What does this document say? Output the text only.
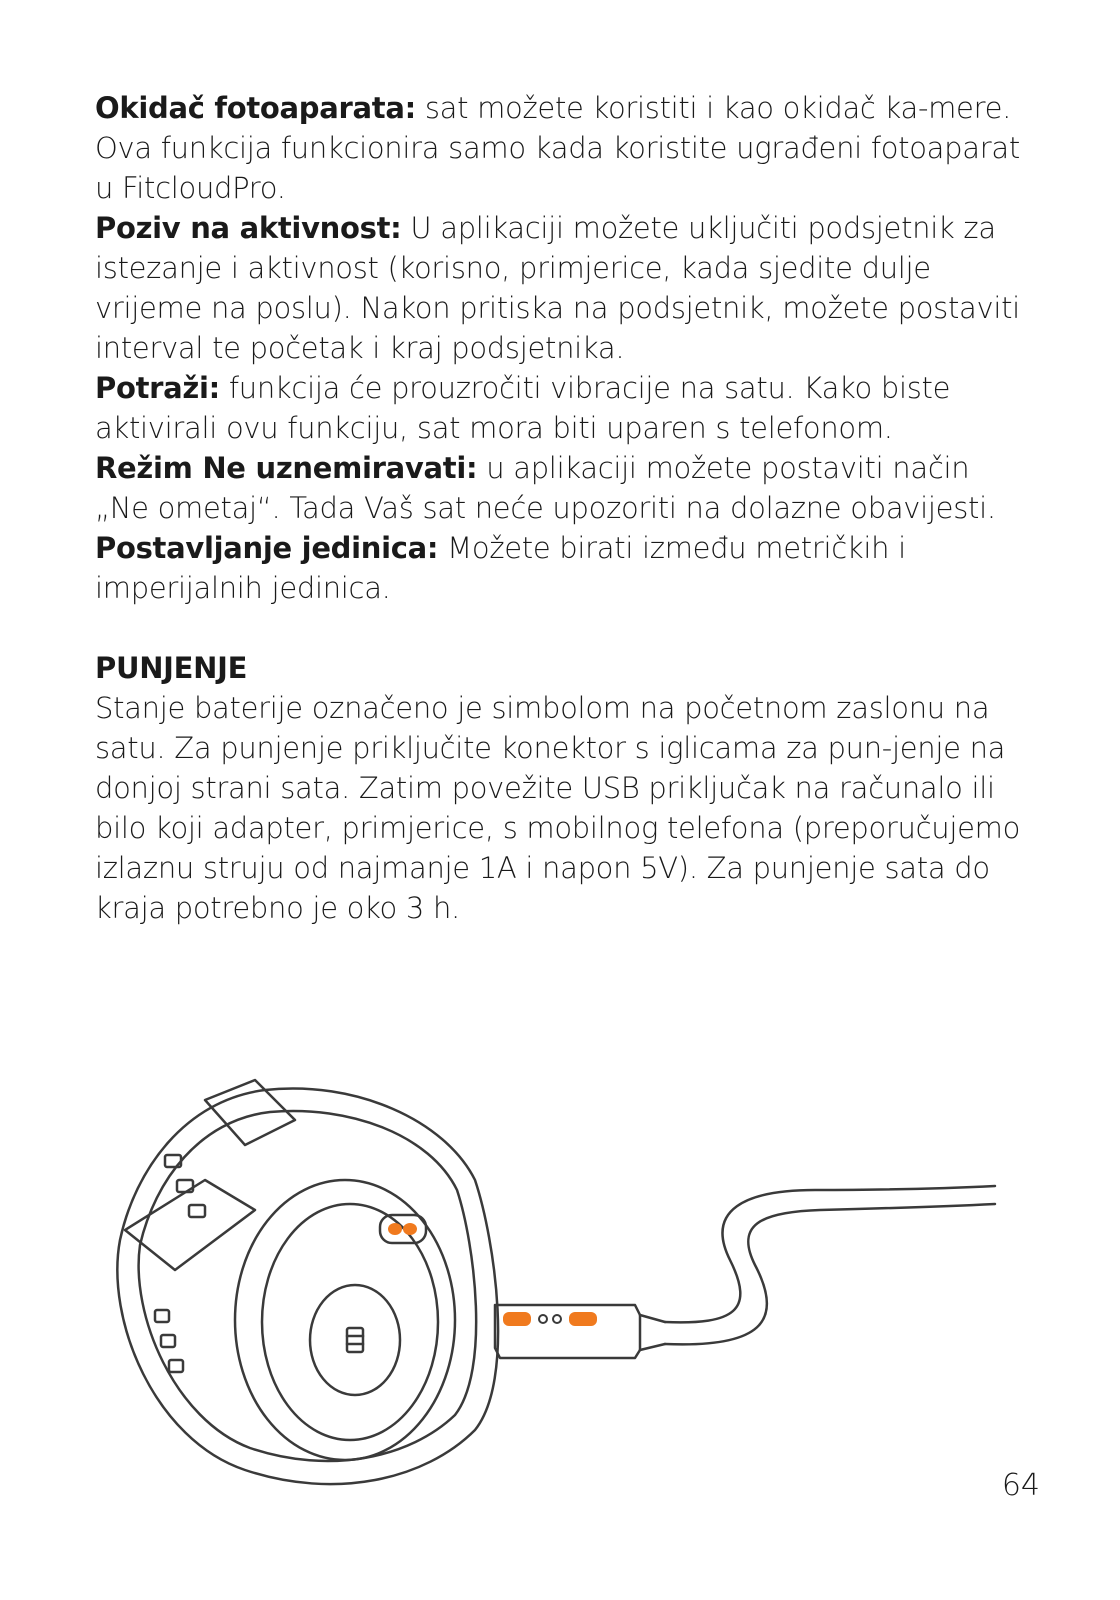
Okidač fotoaparata: sat možete koristiti i kao okidač ka-mere. Ova funkcija funkcionira samo kada koristite ugrađeni fotoaparat u FitcloudPro.

Poziv na aktivnost: U aplikaciji možete uključiti podsjetnik za istezanje i aktivnost (korisno, primjerice, kada sjedite dulje vrijeme na poslu). Nakon pritiska na podsjetnik, možete postaviti interval te početak i kraj podsjetnika.

Potraži: funkcija će prouzročiti vibracije na satu. Kako biste aktivirali ovu funkciju, sat mora biti uparen s telefonom.

Režim Ne uznemiravati: u aplikaciji možete postaviti način „Ne ometaj“. Tada Vaš sat neće upozoriti na dolazne obavijesti.

Postavljanje jedinica: Možete birati između metričkih i imperijalnih jedinica.

PUNJENJE

Stanje baterije označeno je simbolom na početnom zaslonu na satu. Za punjenje priključite konektor s iglicama za pun-jenje na donjoj strani sata. Zatim povežite USB priključak na računalo ili bilo koji adapter, primjerice, s mobilnog telefona (preporučujemo izlaznu struju od najmanje 1A i napon 5V). Za punjenje sata do kraja potrebno je oko 3 h.

64
